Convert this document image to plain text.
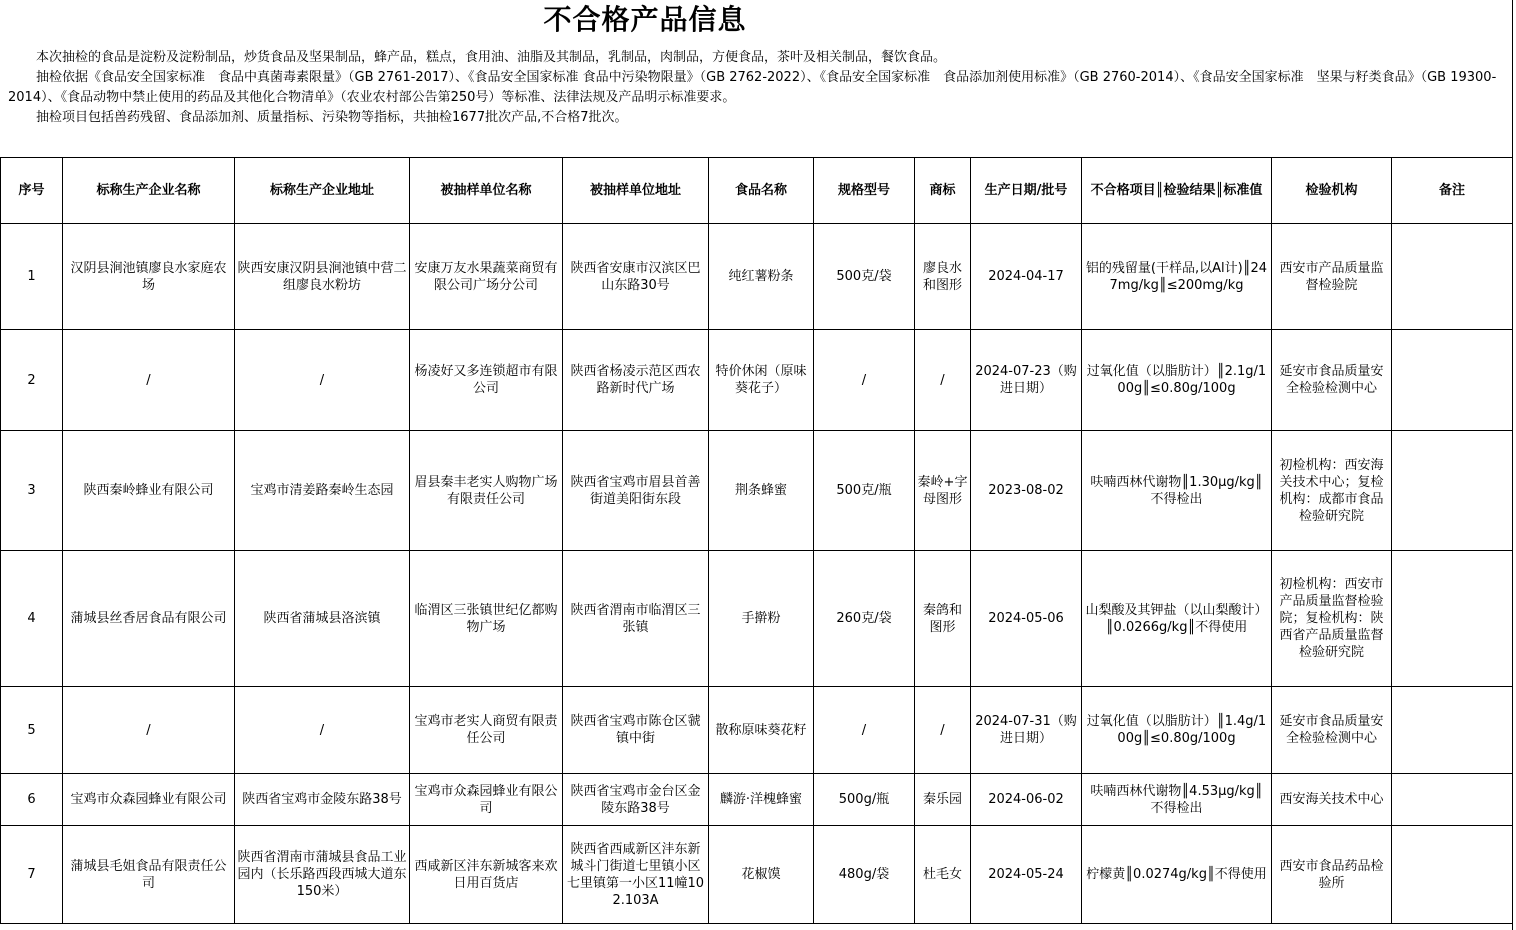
不合格产品信息

本次抽检的食品是淀粉及淀粉制品，炒货食品及坚果制品，蜂产品，糕点，食用油、油脂及其制品，乳制品，肉制品，方便食品，茶叶及相关制品，餐饮食品。

抽检依据《食品安全国家标准　食品中真菌毒素限量》（GB 2761-2017）、《食品安全国家标准 食品中污染物限量》（GB 2762-2022）、《食品安全国家标准　食品添加剂使用标准》（GB 2760-2014）、《食品安全国家标准　坚果与籽类食品》（GB 19300-2014）、《食品动物中禁止使用的药品及其他化合物清单》（农业农村部公告第250号）等标准、法律法规及产品明示标准要求。

抽检项目包括兽药残留、食品添加剂、质量指标、污染物等指标，共抽检1677批次产品,不合格7批次。

序号	标称生产企业名称	标称生产企业地址	被抽样单位名称	被抽样单位地址	食品名称	规格型号	商标	生产日期/批号	不合格项目║检验结果║标准值	检验机构	备注
1	汉阴县涧池镇廖良水家庭农场	陕西安康汉阴县涧池镇中营二组廖良水粉坊	安康万友水果蔬菜商贸有限公司广场分公司	陕西省安康市汉滨区巴山东路30号	纯红薯粉条	500克/袋	廖良水和图形	2024-04-17	铝的残留量(干样品,以Al计)║247mg/kg║≤200mg/kg	西安市产品质量监督检验院	
2	/	/	杨凌好又多连锁超市有限公司	陕西省杨凌示范区西农路新时代广场	特价休闲（原味葵花子）	/	/	2024-07-23（购进日期）	过氧化值（以脂肪计）║2.1g/100g║≤0.80g/100g	延安市食品质量安全检验检测中心	
3	陕西秦岭蜂业有限公司	宝鸡市清姜路秦岭生态园	眉县秦丰老实人购物广场有限责任公司	陕西省宝鸡市眉县首善街道美阳街东段	荆条蜂蜜	500克/瓶	秦岭+字母图形	2023-08-02	呋喃西林代谢物║1.30μg/kg║不得检出	初检机构：西安海关技术中心；复检机构：成都市食品检验研究院	
4	蒲城县丝香居食品有限公司	陕西省蒲城县洛滨镇	临渭区三张镇世纪亿都购物广场	陕西省渭南市临渭区三张镇	手擀粉	260克/袋	秦鸽和图形	2024-05-06	山梨酸及其钾盐（以山梨酸计）║0.0266g/kg║不得使用	初检机构：西安市产品质量监督检验院；复检机构：陕西省产品质量监督检验研究院	
5	/	/	宝鸡市老实人商贸有限责任公司	陕西省宝鸡市陈仓区虢镇中街	散称原味葵花籽	/	/	2024-07-31（购进日期）	过氧化值（以脂肪计）║1.4g/100g║≤0.80g/100g	延安市食品质量安全检验检测中心	
6	宝鸡市众森园蜂业有限公司	陕西省宝鸡市金陵东路38号	宝鸡市众森园蜂业有限公司	陕西省宝鸡市金台区金陵东路38号	麟游·洋槐蜂蜜	500g/瓶	秦乐园	2024-06-02	呋喃西林代谢物║4.53μg/kg║不得检出	西安海关技术中心	
7	蒲城县毛姐食品有限责任公司	陕西省渭南市蒲城县食品工业园内（长乐路西段西城大道东150米）	西咸新区沣东新城客来欢日用百货店	陕西省西咸新区沣东新城斗门街道七里镇小区七里镇第一小区11幢102.103A	花椒馍	480g/袋	杜毛女	2024-05-24	柠檬黄║0.0274g/kg║不得使用	西安市食品药品检验所	
